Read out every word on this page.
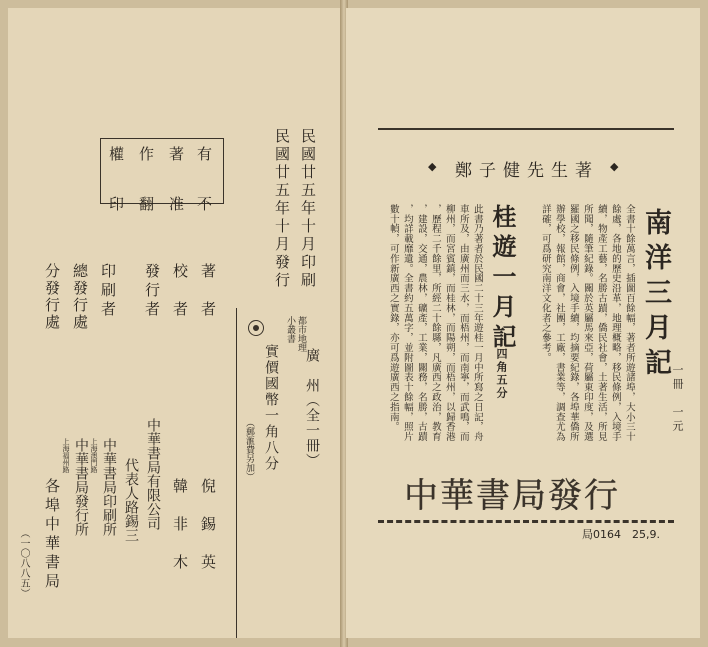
有　不
著　准
作　翻
權　印	民國廿五年十月印刷
民國廿五年十月發行
都市地理
小叢書
廣　州（全一冊）
實價國幣一角八分
（郵滙費另加）
著　者
倪　錫　英
校　者
韓　非　木
發行者
中華書局有限公司
代表人路錫三
印刷者
中華書局印刷所
上海澳門路
總發行處
中華書局發行所
上海福州路
分發行處
各埠中華書局
（一〇八八五）
◆	鄭子健先生著	◆
南洋三月記
一冊　一元
全書十餘萬言，插圖百餘幅，著者所遊諸埠，大小三十
餘處，各地的歷史沿革，地理概略，移民條例，入境手
續，物產工藝，名勝古蹟，僑民社會，土著生活，所見
所聞，隨筆紀錄。關於英屬馬來亞，荷屬東印度，及選
羅國之移民條例，入境手續，均摘要紀錄，各埠華僑所
辦學校，報館，商會，社團，工廠，書業等，調查尤為
詳確，可爲研究南洋文化者之參考。
桂遊一月記
四角五分
此書乃著者於民國二十三年遊桂一月中所寫之日記，舟
車所及，由廣州而三水，而梧州，而南寧，而武鳴，而
柳州，而宮賓鎮，而桂林，而陽朔，而梧州，以歸香港
，歷程二千餘里，所經二十餘縣，凡廣西之政治，教育
，建設，交通，農林，礦產，工業，關務，名勝，古蹟
，均詳載靡遺。全書約五萬字，並附圖表十餘幅，照片
數十幀，可作新廣西之實錄，亦可爲遊廣西之指南。
中華書局發行
局0164　25,9.
